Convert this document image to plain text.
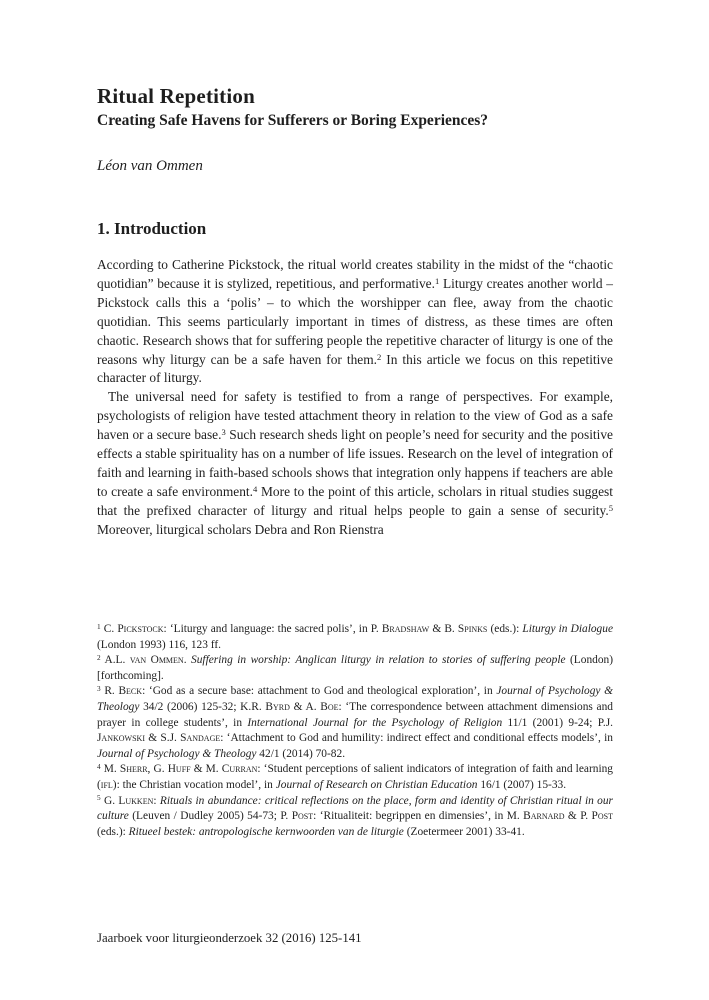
Ritual Repetition
Creating Safe Havens for Sufferers or Boring Experiences?
Léon van Ommen
1. Introduction
According to Catherine Pickstock, the ritual world creates stability in the midst of the “chaotic quotidian” because it is stylized, repetitious, and performative.$^1$ Liturgy creates another world – Pickstock calls this a ‘polis’ – to which the worshipper can flee, away from the chaotic quotidian. This seems particularly important in times of distress, as these times are often chaotic. Research shows that for suffering people the repetitive character of liturgy is one of the reasons why liturgy can be a safe haven for them.$^2$ In this article we focus on this repetitive character of liturgy.
The universal need for safety is testified to from a range of perspectives. For example, psychologists of religion have tested attachment theory in relation to the view of God as a safe haven or a secure base.$^3$ Such research sheds light on people’s need for security and the positive effects a stable spirituality has on a number of life issues. Research on the level of integration of faith and learning in faith-based schools shows that integration only happens if teachers are able to create a safe environment.$^4$ More to the point of this article, scholars in ritual studies suggest that the prefixed character of liturgy and ritual helps people to gain a sense of security.$^5$ Moreover, liturgical scholars Debra and Ron Rienstra
$^1$ C. Pickstock: ‘Liturgy and language: the sacred polis’, in P. Bradshaw & B. Spinks (eds.): Liturgy in Dialogue (London 1993) 116, 123 ff.
$^2$ A.L. van Ommen. Suffering in worship: Anglican liturgy in relation to stories of suffering people (London) [forthcoming].
$^3$ R. Beck: ‘God as a secure base: attachment to God and theological exploration’, in Journal of Psychology & Theology 34/2 (2006) 125-32; K.R. Byrd & A. Boe: ‘The correspondence between attachment dimensions and prayer in college students’, in International Journal for the Psychology of Religion 11/1 (2001) 9-24; P.J. Jankowski & S.J. Sandage: ‘Attachment to God and humility: indirect effect and conditional effects models’, in Journal of Psychology & Theology 42/1 (2014) 70-82.
$^4$ M. Sherr, G. Huff & M. Curran: ‘Student perceptions of salient indicators of integration of faith and learning (ifl): the Christian vocation model’, in Journal of Research on Christian Education 16/1 (2007) 15-33.
$^5$ G. Lukken: Rituals in abundance: critical reflections on the place, form and identity of Christian ritual in our culture (Leuven / Dudley 2005) 54-73; P. Post: ‘Ritualiteit: begrippen en dimensies’, in M. Barnard & P. Post (eds.): Ritueel bestek: antropologische kernwoorden van de liturgie (Zoetermeer 2001) 33-41.
Jaarboek voor liturgieonderzoek 32 (2016) 125-141
